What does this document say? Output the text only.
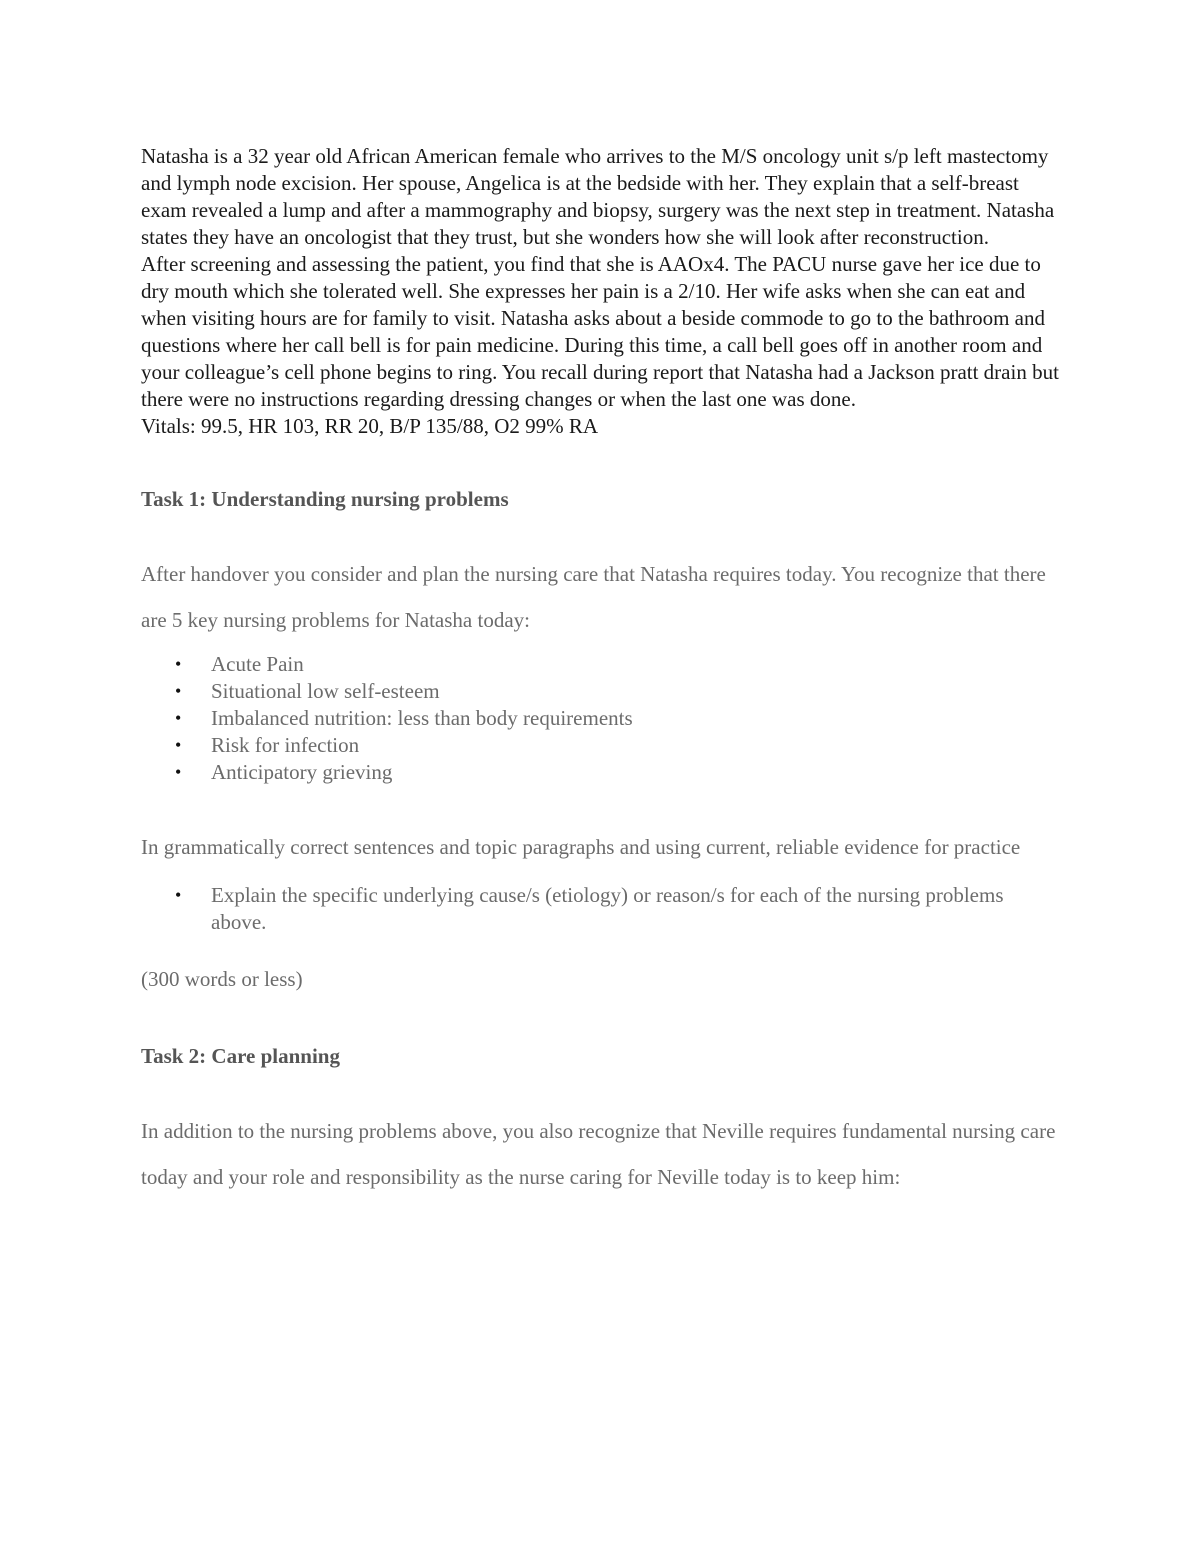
Natasha is a 32 year old African American female who arrives to the M/S oncology unit s/p left mastectomy and lymph node excision. Her spouse, Angelica is at the bedside with her. They explain that a self-breast exam revealed a lump and after a mammography and biopsy, surgery was the next step in treatment. Natasha states they have an oncologist that they trust, but she wonders how she will look after reconstruction.

After screening and assessing the patient, you find that she is AAOx4. The PACU nurse gave her ice due to dry mouth which she tolerated well. She expresses her pain is a 2/10. Her wife asks when she can eat and when visiting hours are for family to visit. Natasha asks about a beside commode to go to the bathroom and questions where her call bell is for pain medicine. During this time, a call bell goes off in another room and your colleague’s cell phone begins to ring. You recall during report that Natasha had a Jackson pratt drain but there were no instructions regarding dressing changes or when the last one was done.

Vitals: 99.5, HR 103, RR 20, B/P 135/88, O2 99% RA

Task 1: Understanding nursing problems

After handover you consider and plan the nursing care that Natasha requires today. You recognize that there are 5 key nursing problems for Natasha today:

• Acute Pain
• Situational low self-esteem
• Imbalanced nutrition: less than body requirements
• Risk for infection
• Anticipatory grieving

In grammatically correct sentences and topic paragraphs and using current, reliable evidence for practice

• Explain the specific underlying cause/s (etiology) or reason/s for each of the nursing problems above.

(300 words or less)

Task 2: Care planning

In addition to the nursing problems above, you also recognize that Neville requires fundamental nursing care today and your role and responsibility as the nurse caring for Neville today is to keep him:
